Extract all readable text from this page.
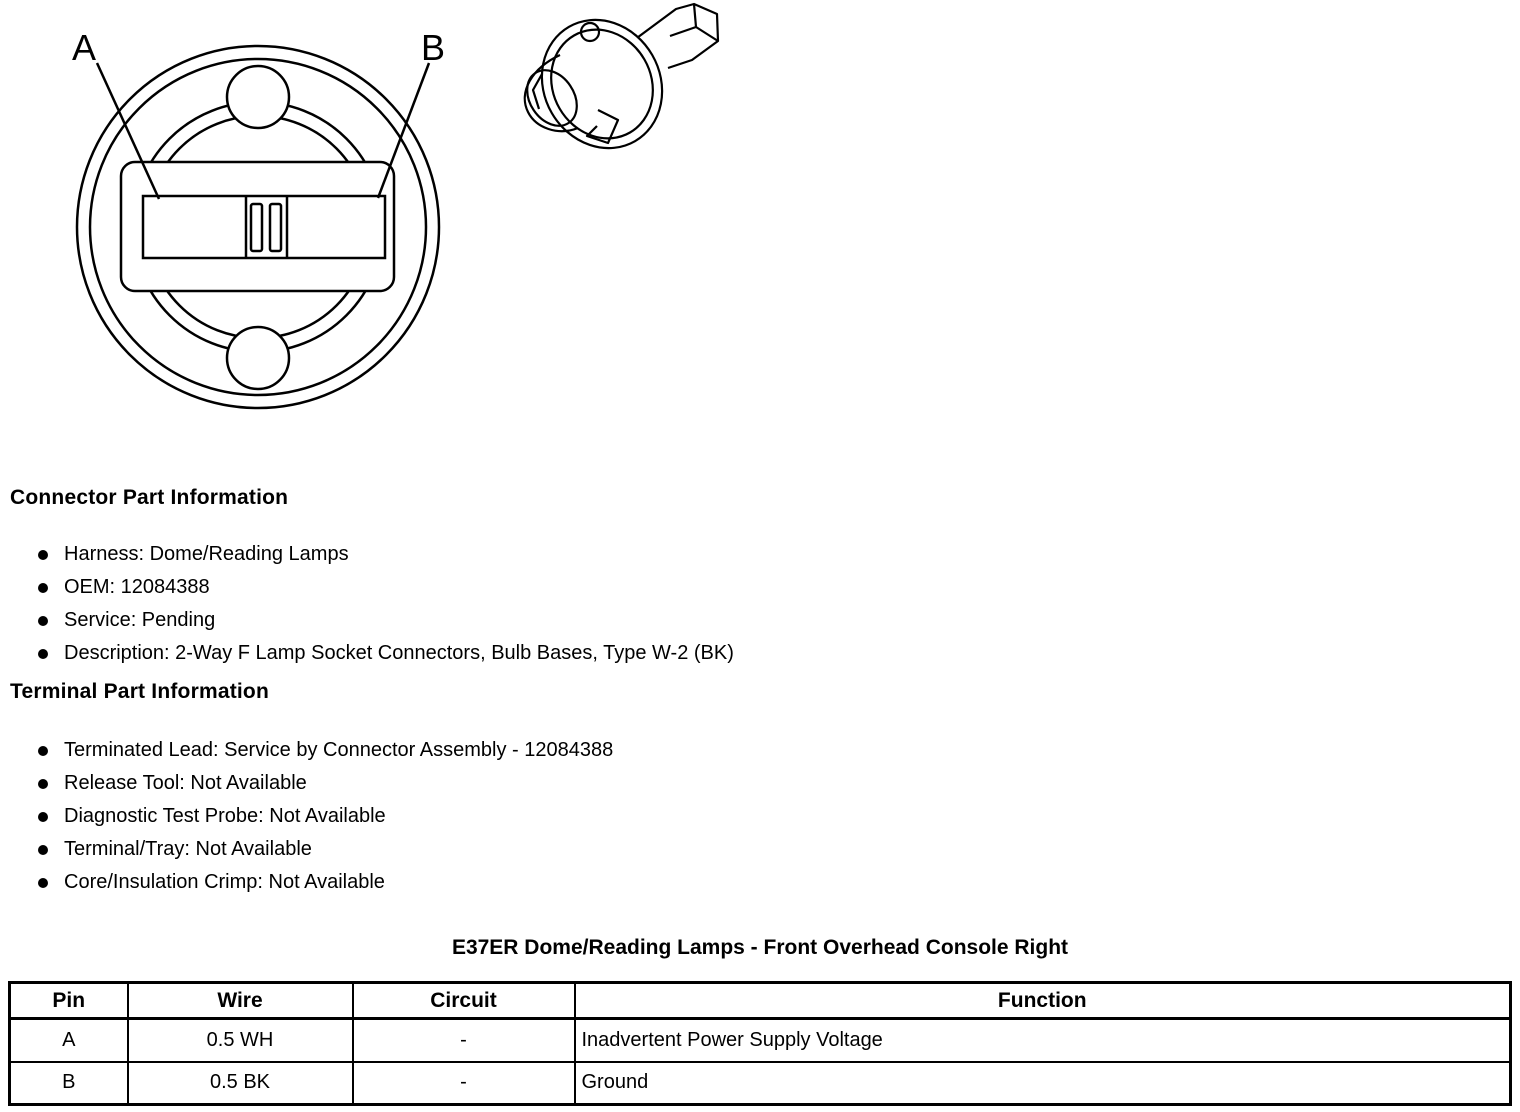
A	B
Connector Part Information
Harness: Dome/Reading Lamps
OEM: 12084388
Service: Pending
Description: 2-Way F Lamp Socket Connectors, Bulb Bases, Type W-2 (BK)
Terminal Part Information
Terminated Lead: Service by Connector Assembly - 12084388
Release Tool: Not Available
Diagnostic Test Probe: Not Available
Terminal/Tray: Not Available
Core/Insulation Crimp: Not Available
E37ER Dome/Reading Lamps - Front Overhead Console Right
Pin	Wire	Circuit	Function
A	0.5 WH	-	Inadvertent Power Supply Voltage
B	0.5 BK	-	Ground
